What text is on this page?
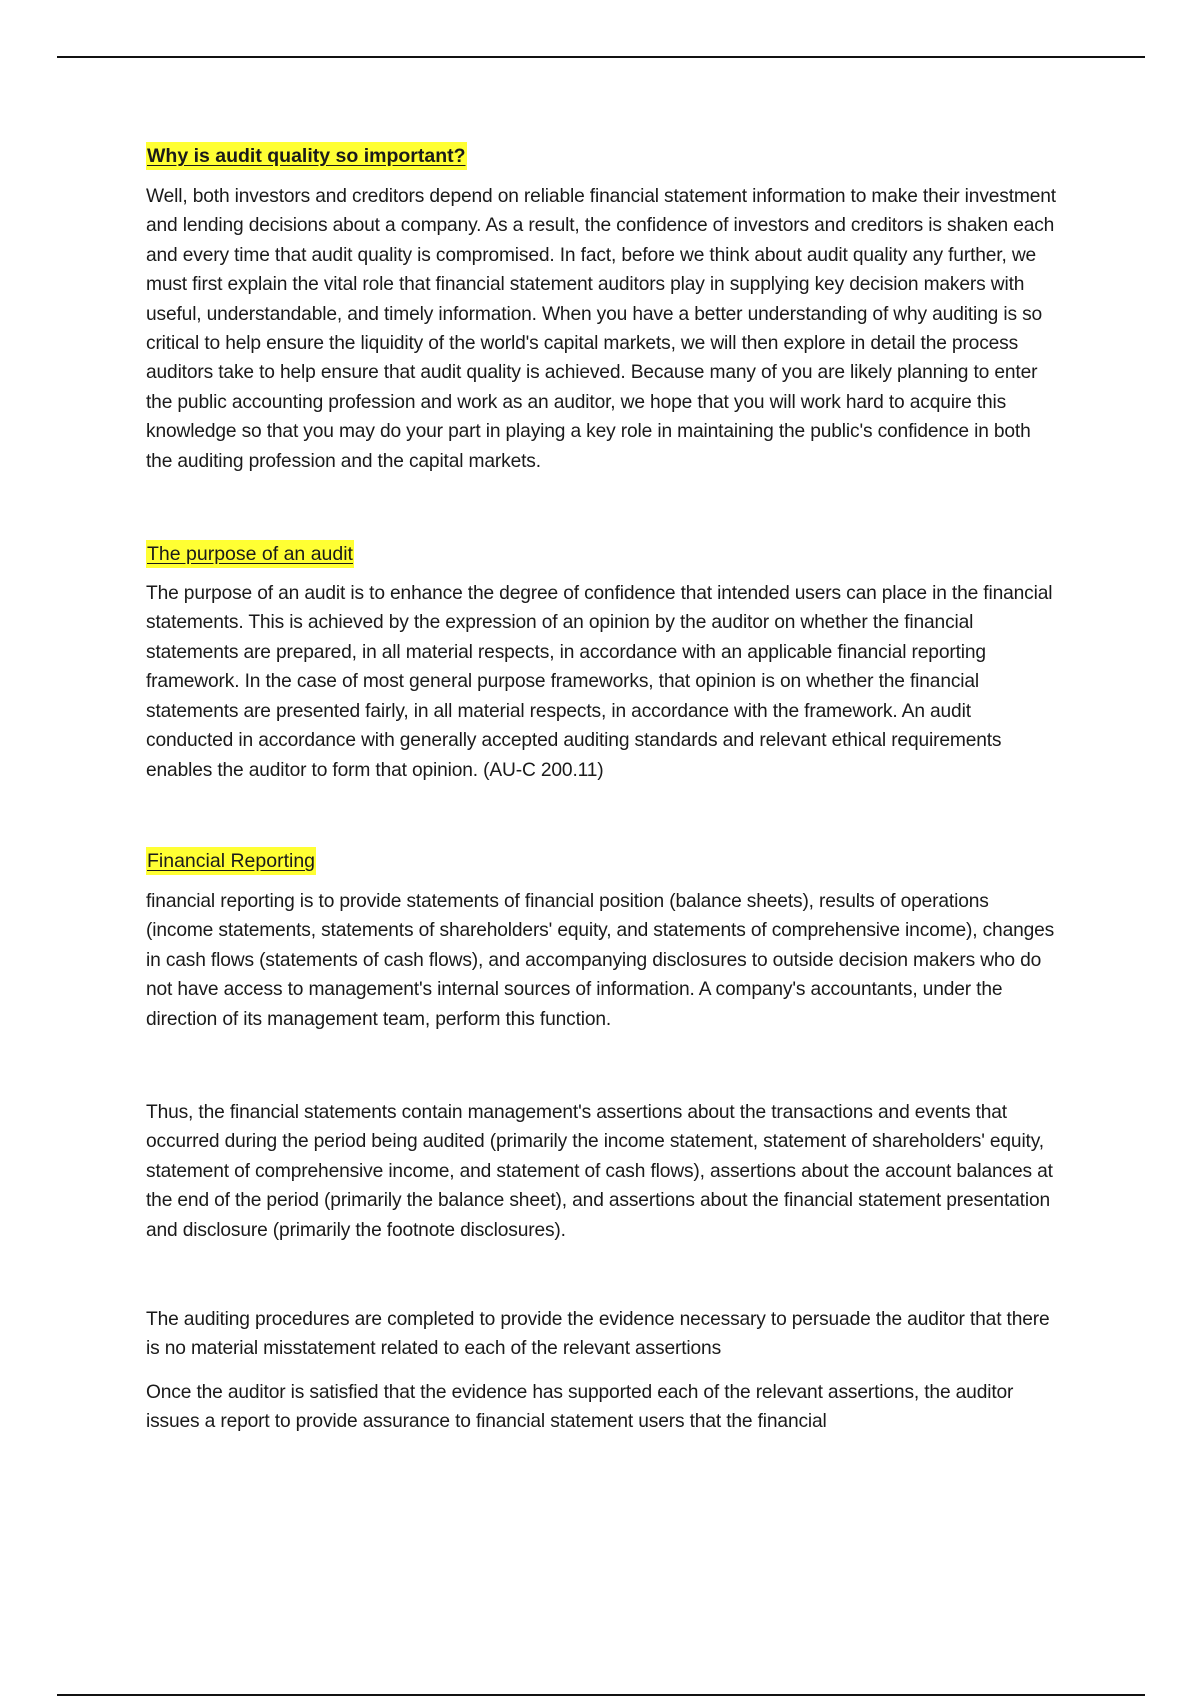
Why is audit quality so important?

Well, both investors and creditors depend on reliable financial statement information to make their investment and lending decisions about a company. As a result, the confidence of investors and creditors is shaken each and every time that audit quality is compromised. In fact, before we think about audit quality any further, we must first explain the vital role that financial statement auditors play in supplying key decision makers with useful, understandable, and timely information. When you have a better understanding of why auditing is so critical to help ensure the liquidity of the world's capital markets, we will then explore in detail the process auditors take to help ensure that audit quality is achieved. Because many of you are likely planning to enter the public accounting profession and work as an auditor, we hope that you will work hard to acquire this knowledge so that you may do your part in playing a key role in maintaining the public's confidence in both the auditing profession and the capital markets.

The purpose of an audit

The purpose of an audit is to enhance the degree of confidence that intended users can place in the financial statements. This is achieved by the expression of an opinion by the auditor on whether the financial statements are prepared, in all material respects, in accordance with an applicable financial reporting framework. In the case of most general purpose frameworks, that opinion is on whether the financial statements are presented fairly, in all material respects, in accordance with the framework. An audit conducted in accordance with generally accepted auditing standards and relevant ethical requirements enables the auditor to form that opinion. (AU-C 200.11)

Financial Reporting

financial reporting is to provide statements of financial position (balance sheets), results of operations (income statements, statements of shareholders' equity, and statements of comprehensive income), changes in cash flows (statements of cash flows), and accompanying disclosures to outside decision makers who do not have access to management's internal sources of information. A company's accountants, under the direction of its management team, perform this function.

Thus, the financial statements contain management's assertions about the transactions and events that occurred during the period being audited (primarily the income statement, statement of shareholders' equity, statement of comprehensive income, and statement of cash flows), assertions about the account balances at the end of the period (primarily the balance sheet), and assertions about the financial statement presentation and disclosure (primarily the footnote disclosures).

The auditing procedures are completed to provide the evidence necessary to persuade the auditor that there is no material misstatement related to each of the relevant assertions

Once the auditor is satisfied that the evidence has supported each of the relevant assertions, the auditor issues a report to provide assurance to financial statement users that the financial
